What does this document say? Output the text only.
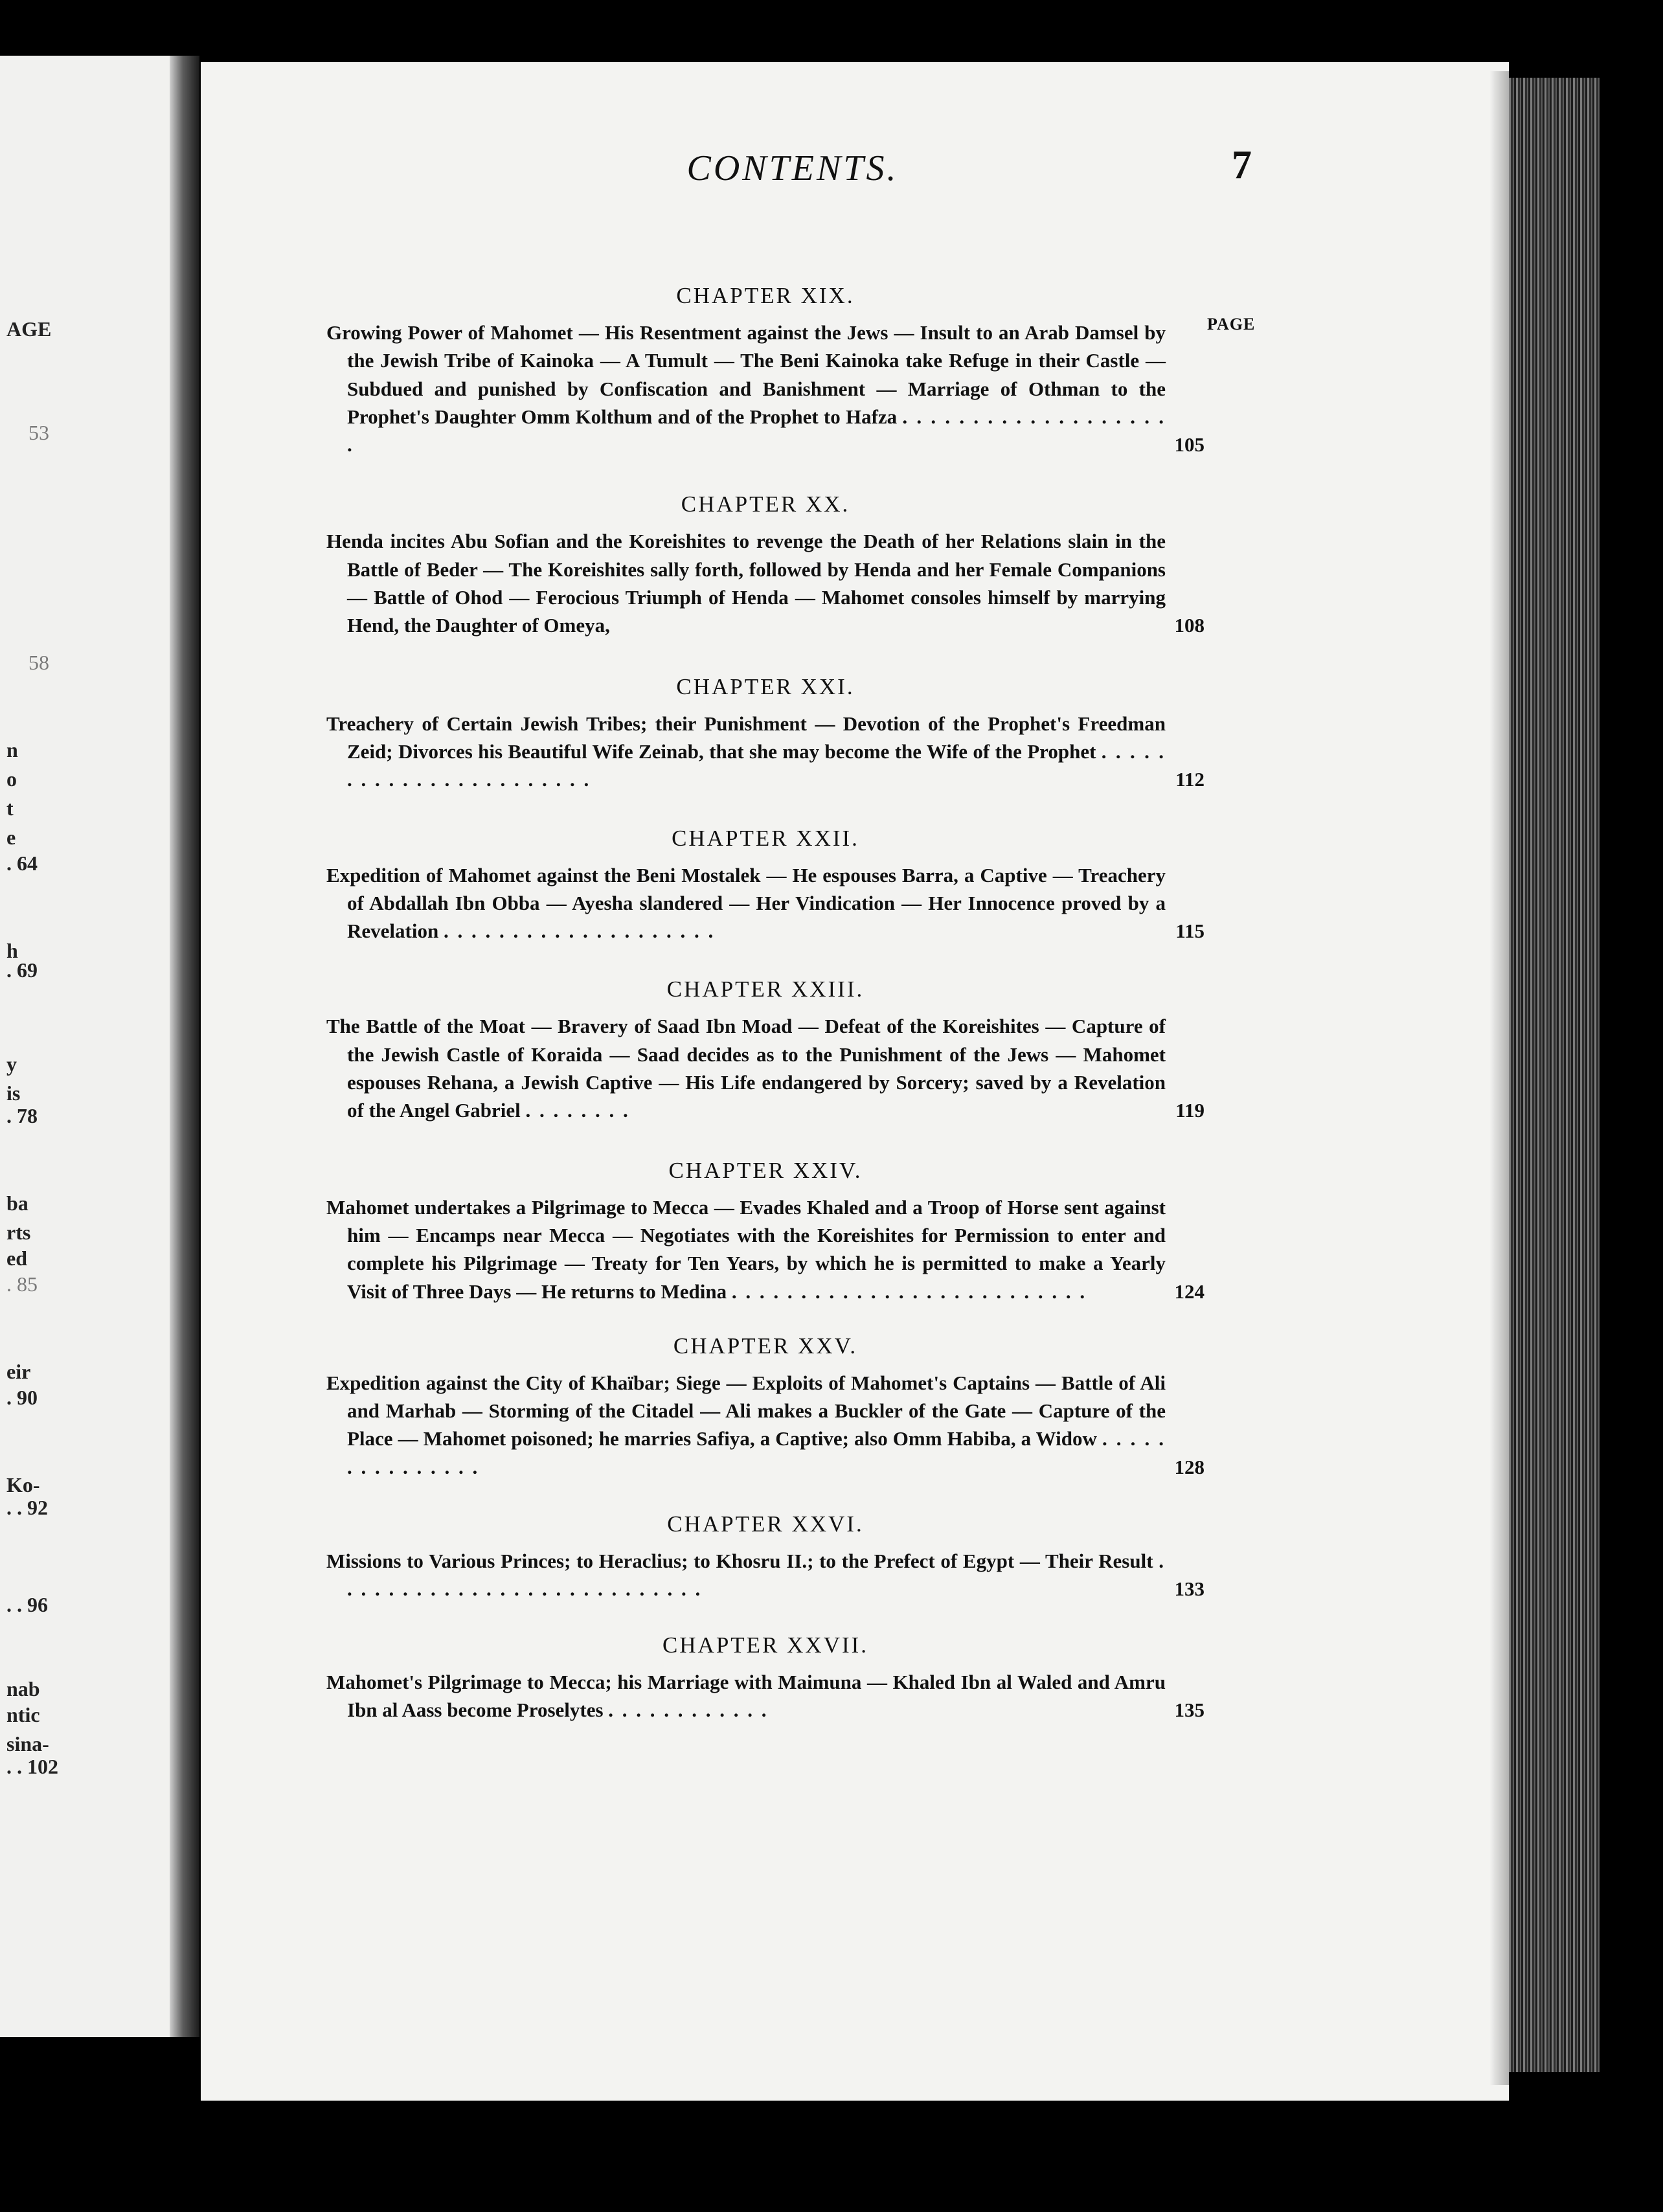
AGE
53
58
n
o
t
e
. 64
h
. 69
y
is
. 78
ba
rts
ed
. 85
eir
. 90
Ko-
. . 92
. . 96
nab
ntic
sina-
. . 102
CONTENTS.	7
PAGE
CHAPTER XIX.
Growing Power of Mahomet — His Resentment against the Jews — Insult to an Arab Damsel by the Jewish Tribe of Kainoka — A Tumult — The Beni Kainoka take Refuge in their Castle — Subdued and punished by Confiscation and Banishment — Marriage of Othman to the Prophet's Daughter Omm Kolthum and of the Prophet to Hafza . . . . . . . . . . . . . . . . . . . .	105
CHAPTER XX.
Henda incites Abu Sofian and the Koreishites to revenge the Death of her Relations slain in the Battle of Beder — The Koreishites sally forth, followed by Henda and her Female Companions — Battle of Ohod — Ferocious Triumph of Henda — Mahomet consoles himself by marrying Hend, the Daughter of Omeya,	108
CHAPTER XXI.
Treachery of Certain Jewish Tribes; their Punishment — Devotion of the Prophet's Freedman Zeid; Divorces his Beautiful Wife Zeinab, that she may become the Wife of the Prophet . . . . . . . . . . . . . . . . . . . . . . .	112
CHAPTER XXII.
Expedition of Mahomet against the Beni Mostalek — He espouses Barra, a Captive — Treachery of Abdallah Ibn Obba — Ayesha slandered — Her Vindication — Her Innocence proved by a Revelation . . . . . . . . . . . . . . . . . . . .	115
CHAPTER XXIII.
The Battle of the Moat — Bravery of Saad Ibn Moad — Defeat of the Koreishites — Capture of the Jewish Castle of Koraida — Saad decides as to the Punishment of the Jews — Mahomet espouses Rehana, a Jewish Captive — His Life endangered by Sorcery; saved by a Revelation of the Angel Gabriel . . . . . . . .	119
CHAPTER XXIV.
Mahomet undertakes a Pilgrimage to Mecca — Evades Khaled and a Troop of Horse sent against him — Encamps near Mecca — Negotiates with the Koreishites for Permission to enter and complete his Pilgrimage — Treaty for Ten Years, by which he is permitted to make a Yearly Visit of Three Days — He returns to Medina . . . . . . . . . . . . . . . . . . . . . . . . . .	124
CHAPTER XXV.
Expedition against the City of Khaïbar; Siege — Exploits of Mahomet's Captains — Battle of Ali and Marhab — Storming of the Citadel — Ali makes a Buckler of the Gate — Capture of the Place — Mahomet poisoned; he marries Safiya, a Captive; also Omm Habiba, a Widow . . . . . . . . . . . . . . .	128
CHAPTER XXVI.
Missions to Various Princes; to Heraclius; to Khosru II.; to the Prefect of Egypt — Their Result . . . . . . . . . . . . . . . . . . . . . . . . . . .	133
CHAPTER XXVII.
Mahomet's Pilgrimage to Mecca; his Marriage with Maimuna — Khaled Ibn al Waled and Amru Ibn al Aass become Proselytes . . . . . . . . . . . .	135
